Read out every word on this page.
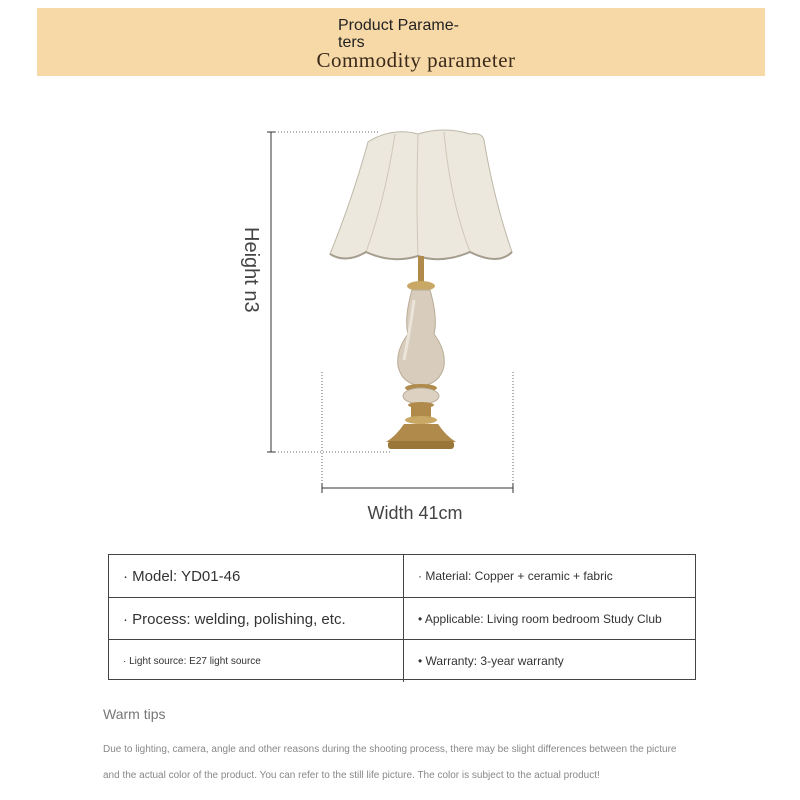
Product Parame-
ters
Commodity parameter
Height n3
Width 41cm
· Model: YD01-46	· Material: Copper + ceramic + fabric
· Process: welding, polishing, etc.	• Applicable: Living room bedroom Study Club
· Light source: E27 light source	• Warranty: 3-year warranty
Warm tips
Due to lighting, camera, angle and other reasons during the shooting process, there may be slight differences between the picture
and the actual color of the product. You can refer to the still life picture. The color is subject to the actual product!
